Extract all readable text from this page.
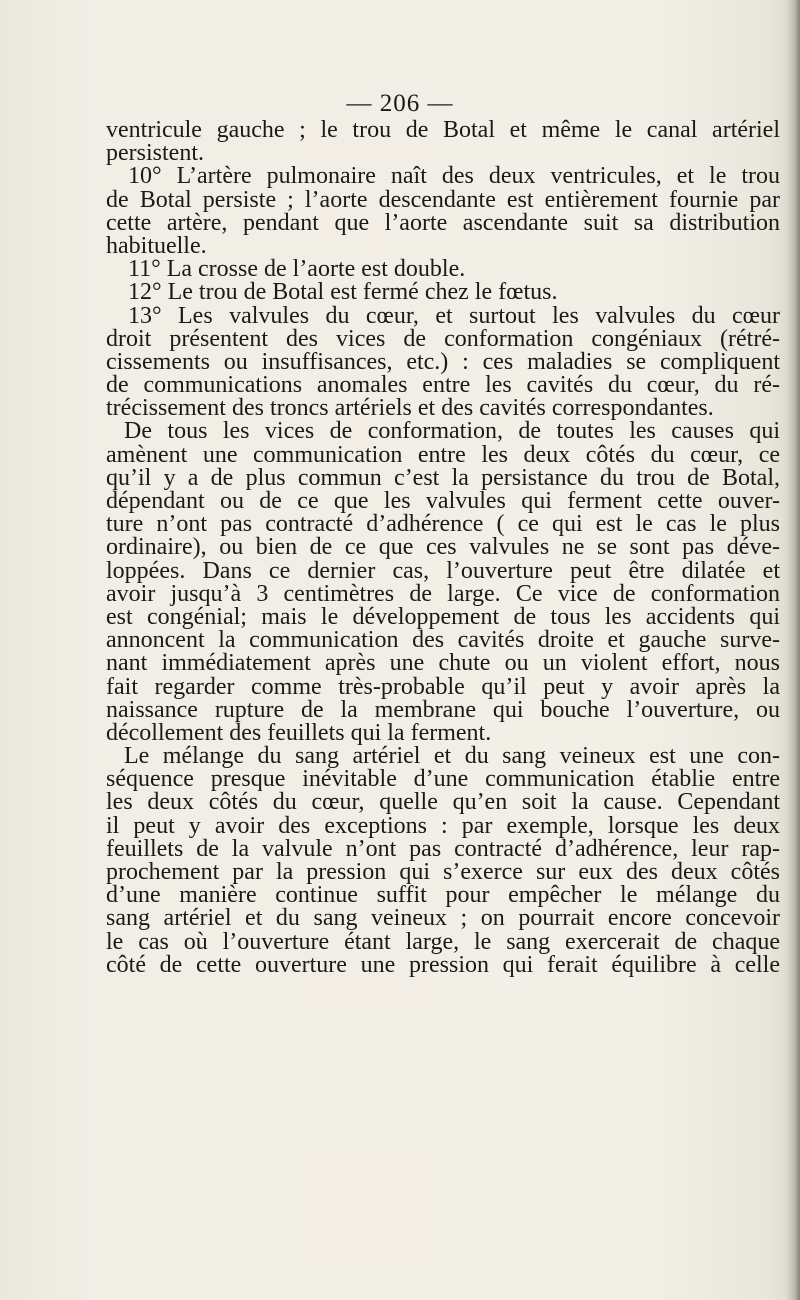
— 206 —
ventricule gauche ; le trou de Botal et même le canal artériel
persistent.
10° L’artère pulmonaire naît des deux ventricules, et le trou
de Botal persiste ; l’aorte descendante est entièrement fournie par
cette artère, pendant que l’aorte ascendante suit sa distribution
habituelle.
11° La crosse de l’aorte est double.
12° Le trou de Botal est fermé chez le fœtus.
13° Les valvules du cœur, et surtout les valvules du cœur
droit présentent des vices de conformation congéniaux (rétré-
cissements ou insuffisances, etc.) : ces maladies se compliquent
de communications anomales entre les cavités du cœur, du ré-
trécissement des troncs artériels et des cavités correspondantes.
De tous les vices de conformation, de toutes les causes qui
amènent une communication entre les deux côtés du cœur, ce
qu’il y a de plus commun c’est la persistance du trou de Botal,
dépendant ou de ce que les valvules qui ferment cette ouver-
ture n’ont pas contracté d’adhérence ( ce qui est le cas le plus
ordinaire), ou bien de ce que ces valvules ne se sont pas déve-
loppées. Dans ce dernier cas, l’ouverture peut être dilatée et
avoir jusqu’à 3 centimètres de large. Ce vice de conformation
est congénial; mais le développement de tous les accidents qui
annoncent la communication des cavités droite et gauche surve-
nant immédiatement après une chute ou un violent effort, nous
fait regarder comme très-probable qu’il peut y avoir après la
naissance rupture de la membrane qui bouche l’ouverture, ou
décollement des feuillets qui la ferment.
Le mélange du sang artériel et du sang veineux est une con-
séquence presque inévitable d’une communication établie entre
les deux côtés du cœur, quelle qu’en soit la cause. Cependant
il peut y avoir des exceptions : par exemple, lorsque les deux
feuillets de la valvule n’ont pas contracté d’adhérence, leur rap-
prochement par la pression qui s’exerce sur eux des deux côtés
d’une manière continue suffit pour empêcher le mélange du
sang artériel et du sang veineux ; on pourrait encore concevoir
le cas où l’ouverture étant large, le sang exercerait de chaque
côté de cette ouverture une pression qui ferait équilibre à celle
